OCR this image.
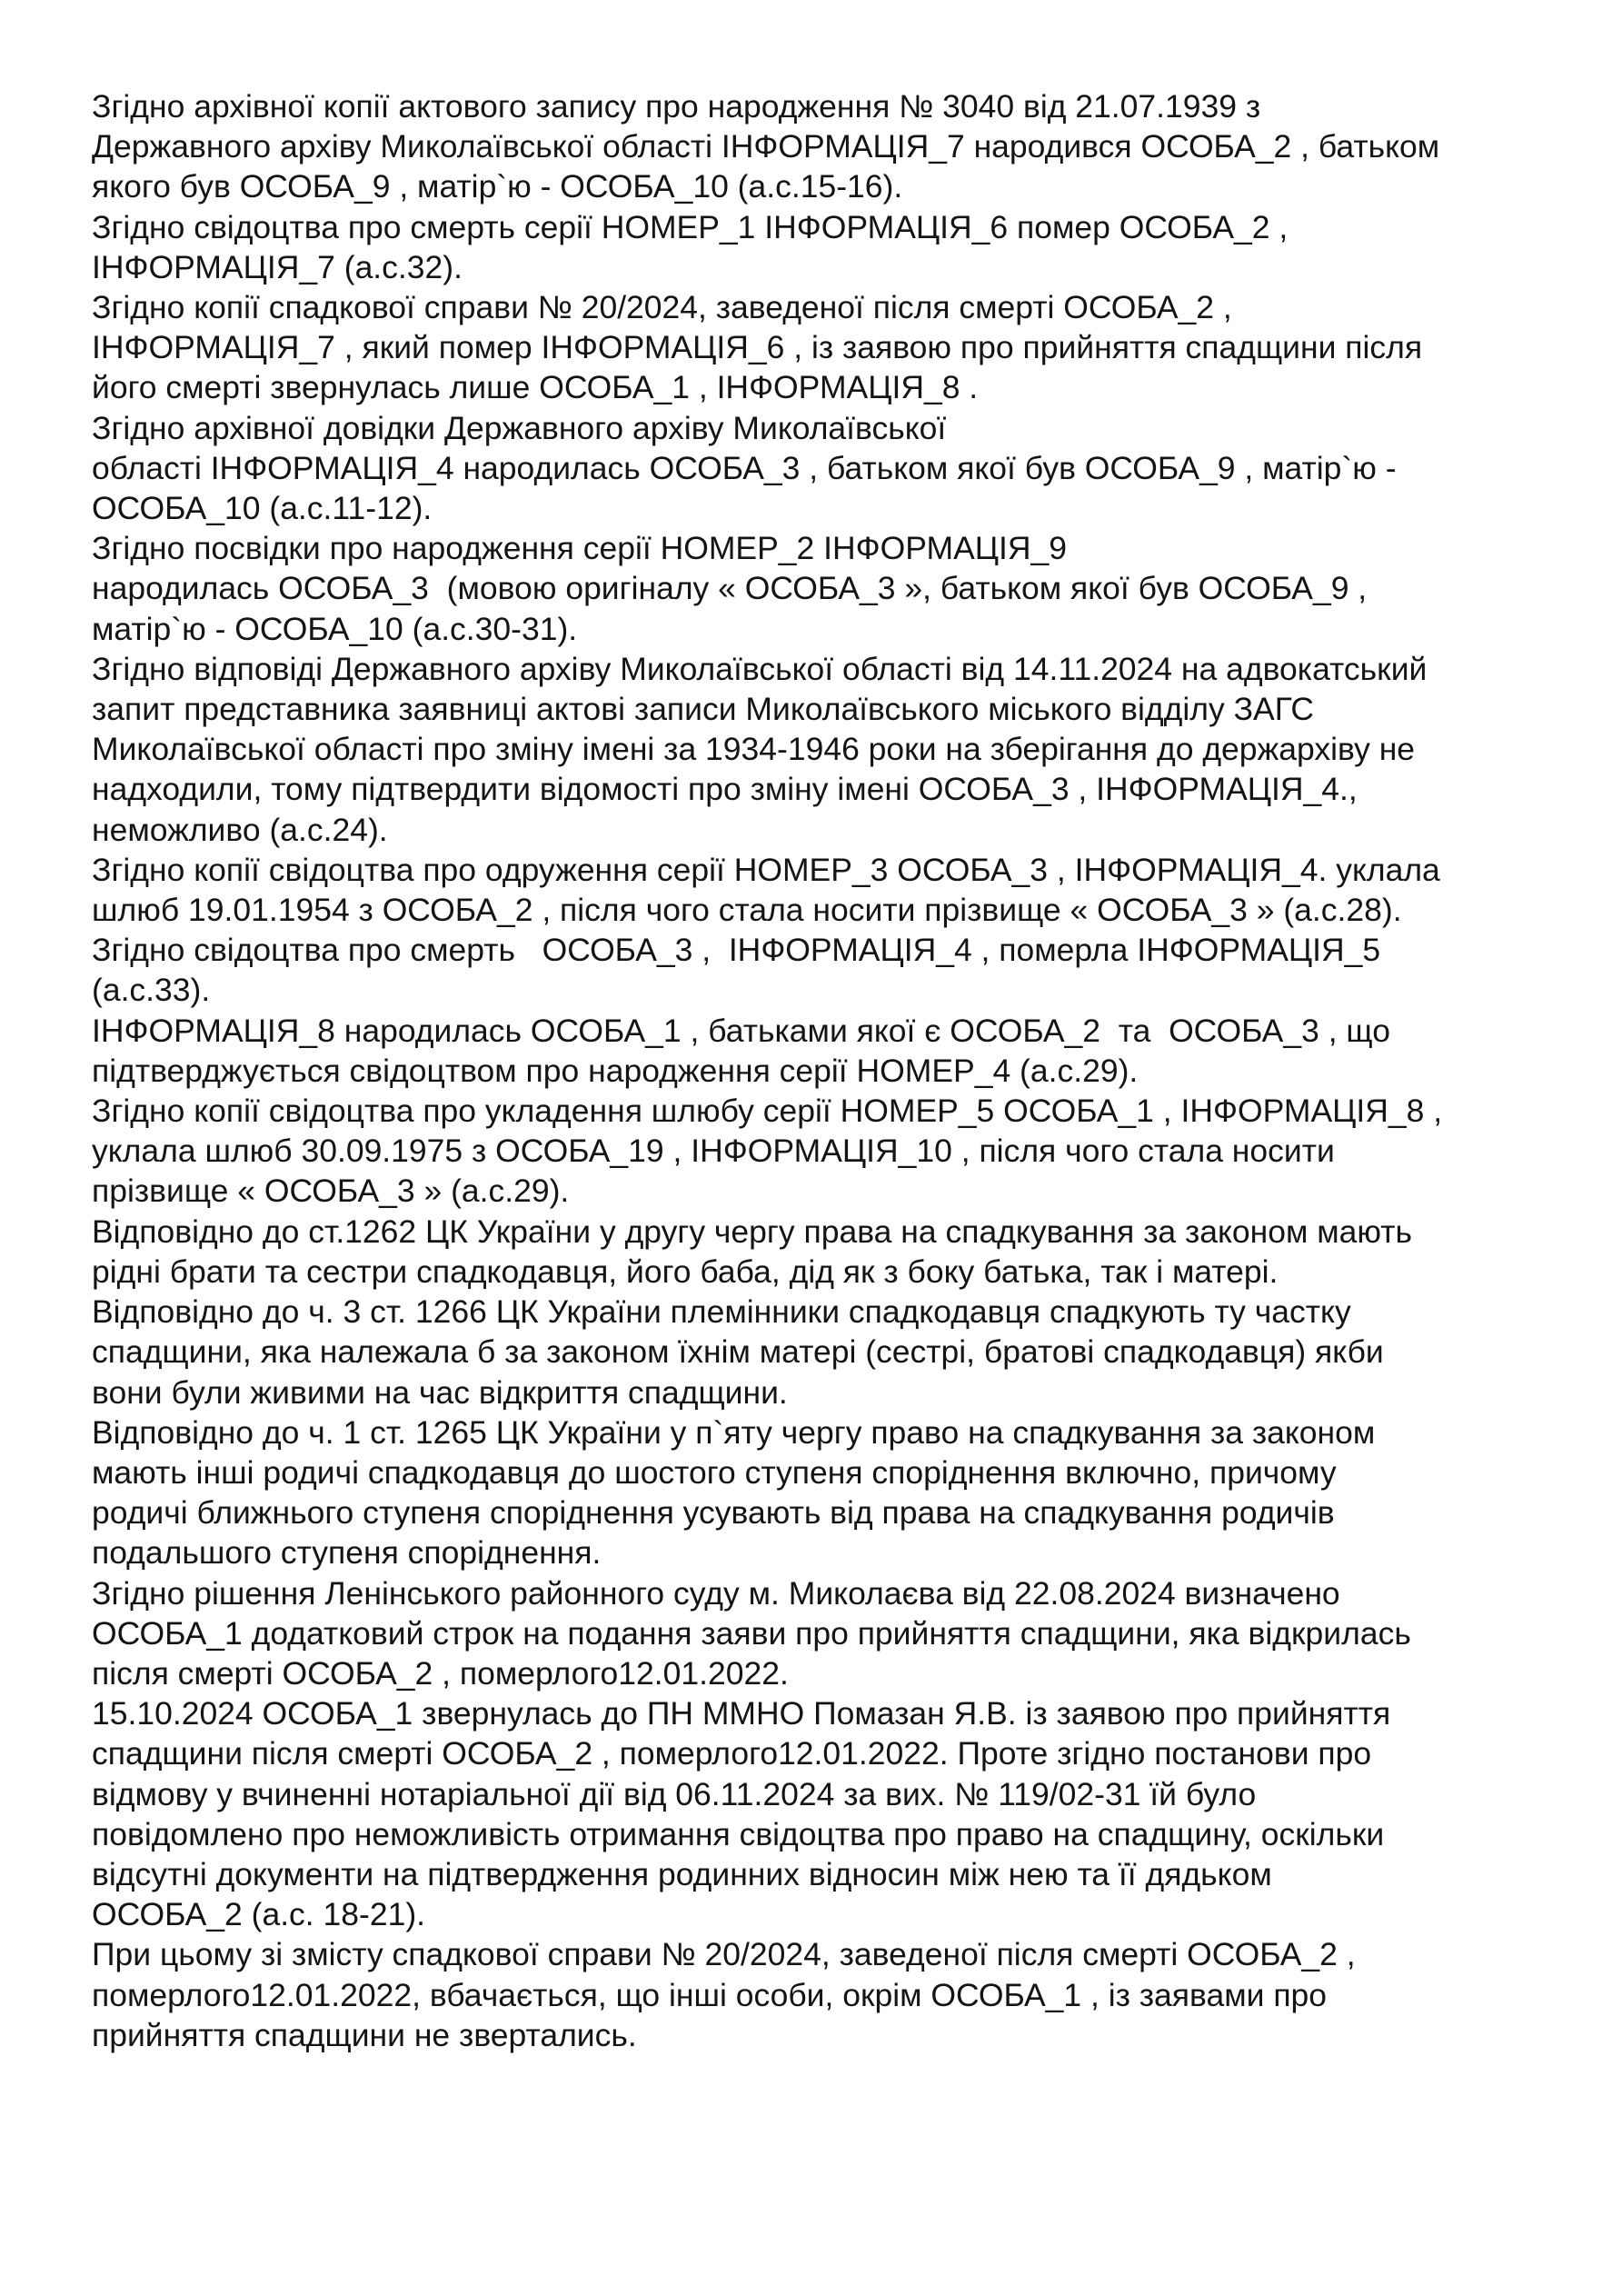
Згідно архівної копії актового запису про народження № 3040 від 21.07.1939 з
Державного архіву Миколаївської області ІНФОРМАЦІЯ_7 народився ОСОБА_2 , батьком
якого був ОСОБА_9 , матір`ю - ОСОБА_10 (а.с.15-16).
Згідно свідоцтва про смерть серії НОМЕР_1 ІНФОРМАЦІЯ_6 помер ОСОБА_2 ,
ІНФОРМАЦІЯ_7 (а.с.32).
Згідно копії спадкової справи № 20/2024, заведеної після смерті ОСОБА_2 ,
ІНФОРМАЦІЯ_7 , який помер ІНФОРМАЦІЯ_6 , із заявою про прийняття спадщини після
його смерті звернулась лише ОСОБА_1 , ІНФОРМАЦІЯ_8 .
Згідно архівної довідки Державного архіву Миколаївської
області ІНФОРМАЦІЯ_4 народилась ОСОБА_3 , батьком якої був ОСОБА_9 , матір`ю -
ОСОБА_10 (а.с.11-12).
Згідно посвідки про народження серії НОМЕР_2 ІНФОРМАЦІЯ_9
народилась ОСОБА_3  (мовою оригіналу « ОСОБА_3 », батьком якої був ОСОБА_9 ,
матір`ю - ОСОБА_10 (а.с.30-31).
Згідно відповіді Державного архіву Миколаївської області від 14.11.2024 на адвокатський
запит представника заявниці актові записи Миколаївського міського відділу ЗАГС
Миколаївської області про зміну імені за 1934-1946 роки на зберігання до держархіву не
надходили, тому підтвердити відомості про зміну імені ОСОБА_3 , ІНФОРМАЦІЯ_4.,
неможливо (а.с.24).
Згідно копії свідоцтва про одруження серії НОМЕР_3 ОСОБА_3 , ІНФОРМАЦІЯ_4. уклала
шлюб 19.01.1954 з ОСОБА_2 , після чого стала носити прізвище « ОСОБА_3 » (а.с.28).
Згідно свідоцтва про смерть   ОСОБА_3 ,  ІНФОРМАЦІЯ_4 , померла ІНФОРМАЦІЯ_5
(а.с.33).
ІНФОРМАЦІЯ_8 народилась ОСОБА_1 , батьками якої є ОСОБА_2  та  ОСОБА_3 , що
підтверджується свідоцтвом про народження серії НОМЕР_4 (а.с.29).
Згідно копії свідоцтва про укладення шлюбу серії НОМЕР_5 ОСОБА_1 , ІНФОРМАЦІЯ_8 ,
уклала шлюб 30.09.1975 з ОСОБА_19 , ІНФОРМАЦІЯ_10 , після чого стала носити
прізвище « ОСОБА_3 » (а.с.29).
Відповідно до ст.1262 ЦК України у другу чергу права на спадкування за законом мають
рідні брати та сестри спадкодавця, його баба, дід як з боку батька, так і матері.
Відповідно до ч. 3 ст. 1266 ЦК України племінники спадкодавця спадкують ту частку
спадщини, яка належала б за законом їхнім матері (сестрі, братові спадкодавця) якби
вони були живими на час відкриття спадщини.
Відповідно до ч. 1 ст. 1265 ЦК України у п`яту чергу право на спадкування за законом
мають інші родичі спадкодавця до шостого ступеня споріднення включно, причому
родичі ближнього ступеня споріднення усувають від права на спадкування родичів
подальшого ступеня споріднення.
Згідно рішення Ленінського районного суду м. Миколаєва від 22.08.2024 визначено
ОСОБА_1 додатковий строк на подання заяви про прийняття спадщини, яка відкрилась
після смерті ОСОБА_2 , померлого12.01.2022.
15.10.2024 ОСОБА_1 звернулась до ПН ММНО Помазан Я.В. із заявою про прийняття
спадщини після смерті ОСОБА_2 , померлого12.01.2022. Проте згідно постанови про
відмову у вчиненні нотаріальної дії від 06.11.2024 за вих. № 119/02-31 їй було
повідомлено про неможливість отримання свідоцтва про право на спадщину, оскільки
відсутні документи на підтвердження родинних відносин між нею та її дядьком
ОСОБА_2 (а.с. 18-21).
При цьому зі змісту спадкової справи № 20/2024, заведеної після смерті ОСОБА_2 ,
померлого12.01.2022, вбачається, що інші особи, окрім ОСОБА_1 , із заявами про
прийняття спадщини не звертались.
